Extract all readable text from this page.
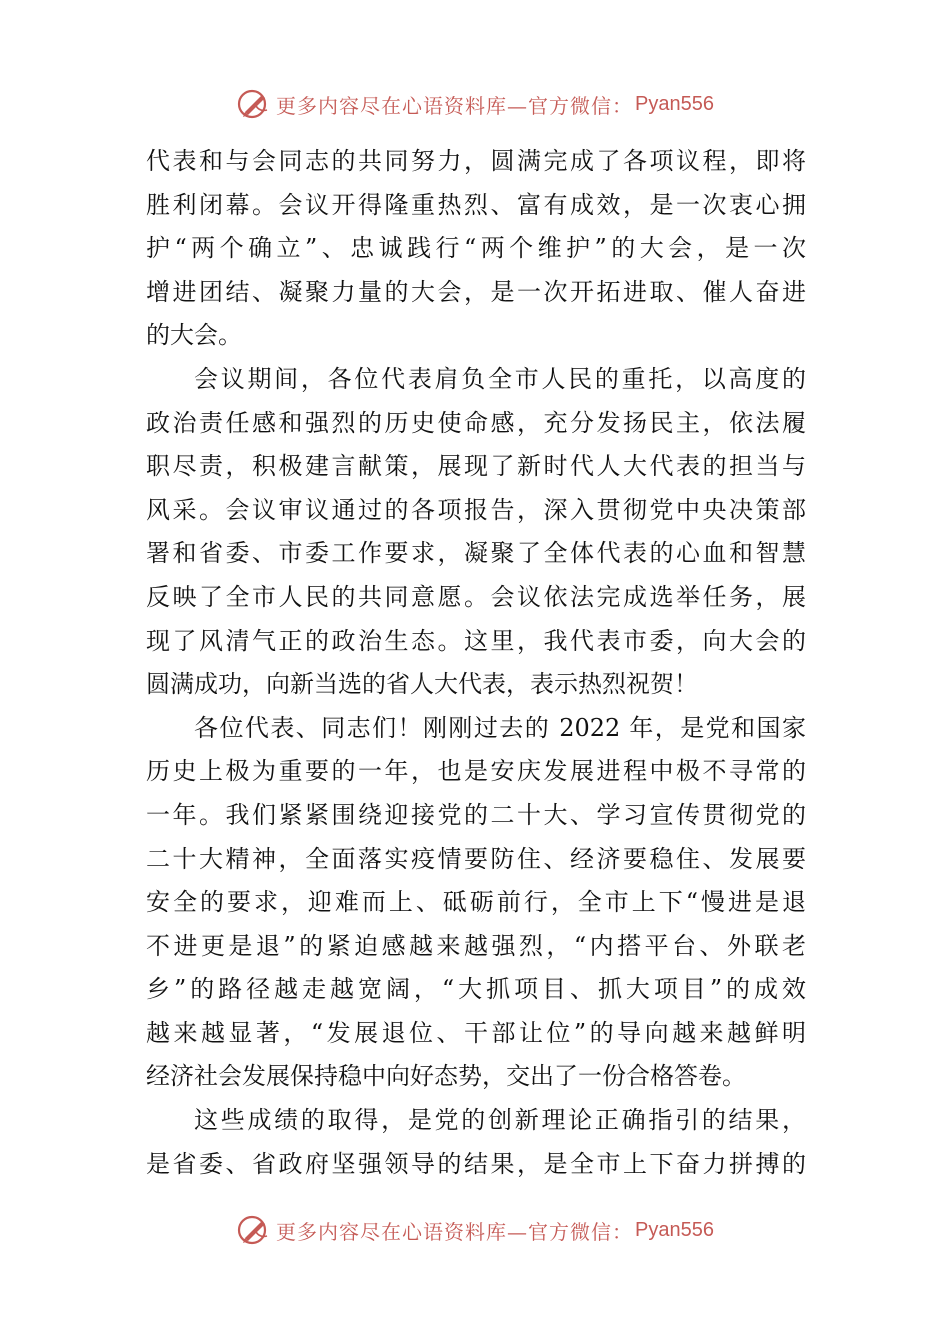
更多内容尽在心语资料库—官方微信： Pyan556
代表和与会同志的共同努力，圆满完成了各项议程，即将
胜利闭幕。会议开得隆重热烈、富有成效，是一次衷心拥
护“两个确立”、忠诚践行“两个维护”的大会，是一次
增进团结、凝聚力量的大会，是一次开拓进取、催人奋进
的大会。
会议期间，各位代表肩负全市人民的重托，以高度的
政治责任感和强烈的历史使命感，充分发扬民主，依法履
职尽责，积极建言献策，展现了新时代人大代表的担当与
风采。会议审议通过的各项报告，深入贯彻党中央决策部
署和省委、市委工作要求，凝聚了全体代表的心血和智慧
反映了全市人民的共同意愿。会议依法完成选举任务，展
现了风清气正的政治生态。这里，我代表市委，向大会的
圆满成功，向新当选的省人大代表，表示热烈祝贺！
各位代表、同志们！刚刚过去的 2022 年，是党和国家
历史上极为重要的一年，也是安庆发展进程中极不寻常的
一年。我们紧紧围绕迎接党的二十大、学习宣传贯彻党的
二十大精神，全面落实疫情要防住、经济要稳住、发展要
安全的要求，迎难而上、砥砺前行，全市上下“慢进是退
不进更是退”的紧迫感越来越强烈，“内搭平台、外联老
乡”的路径越走越宽阔，“大抓项目、抓大项目”的成效
越来越显著，“发展退位、干部让位”的导向越来越鲜明
经济社会发展保持稳中向好态势，交出了一份合格答卷。
这些成绩的取得，是党的创新理论正确指引的结果，
是省委、省政府坚强领导的结果，是全市上下奋力拼搏的
更多内容尽在心语资料库—官方微信： Pyan556
